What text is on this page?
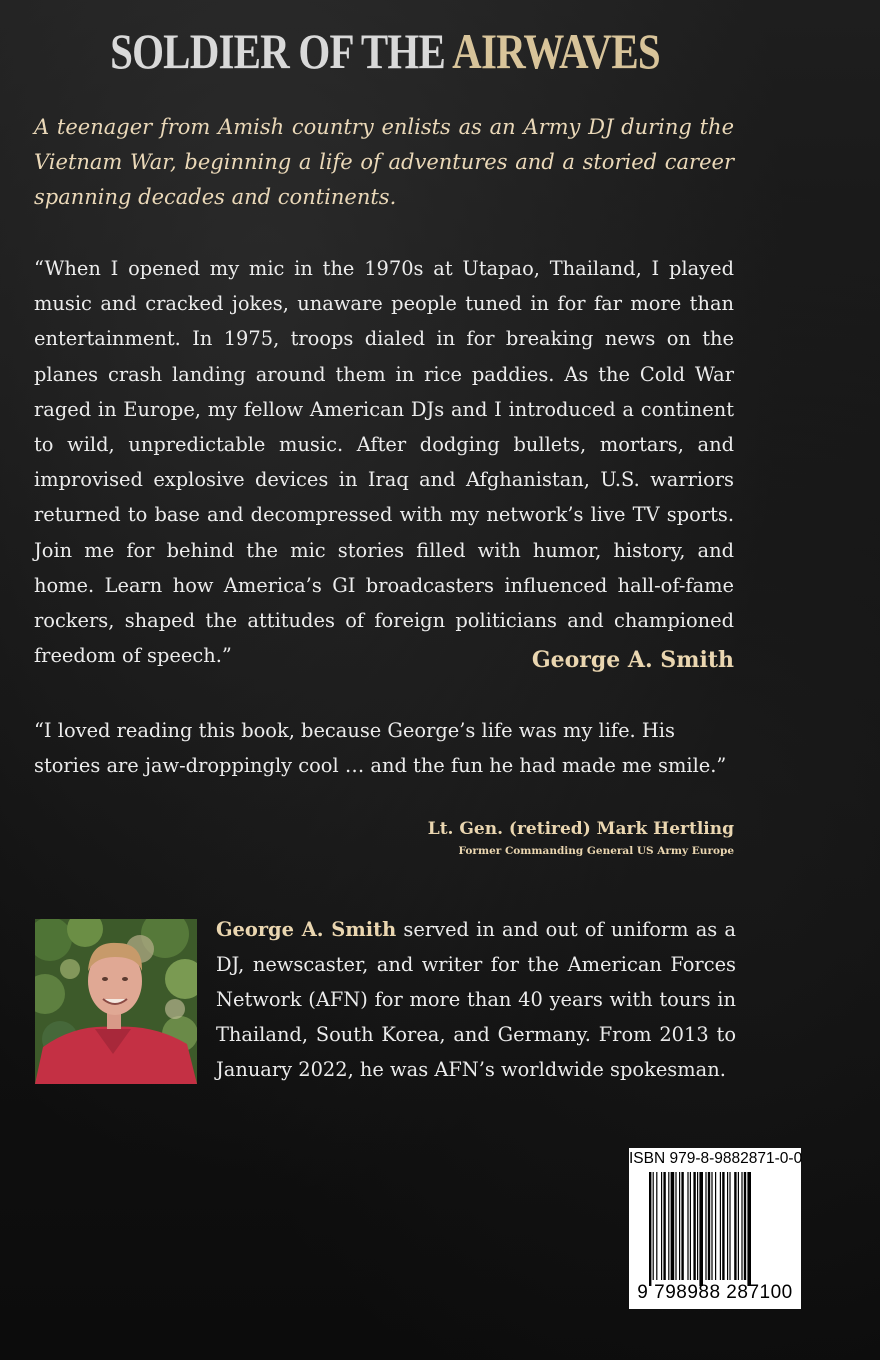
SOLDIER OF THE AIRWAVES

A teenager from Amish country enlists as an Army DJ during the Vietnam War, beginning a life of adventures and a storied career spanning decades and continents.

“When I opened my mic in the 1970s at Utapao, Thailand, I played music and cracked jokes, unaware people tuned in for far more than entertainment. In 1975, troops dialed in for breaking news on the planes crash landing around them in rice paddies. As the Cold War raged in Europe, my fellow American DJs and I introduced a continent to wild, unpredictable music. After dodging bullets, mortars, and improvised explosive devices in Iraq and Afghanistan, U.S. warriors returned to base and decompressed with my network’s live TV sports. Join me for behind the mic stories filled with humor, history, and home. Learn how America’s GI broadcasters influenced hall-of-fame rockers, shaped the attitudes of foreign politicians and championed freedom of speech.”	George A. Smith

“I loved reading this book, because George’s life was my life. His stories are jaw-droppingly cool … and the fun he had made me smile.”

Lt. Gen. (retired) Mark Hertling
Former Commanding General US Army Europe

George A. Smith served in and out of uniform as a DJ, newscaster, and writer for the American Forces Network (AFN) for more than 40 years with tours in Thailand, South Korea, and Germany. From 2013 to January 2022, he was AFN’s worldwide spokesman.

ISBN 979-8-9882871-0-0
9 798988 287100
